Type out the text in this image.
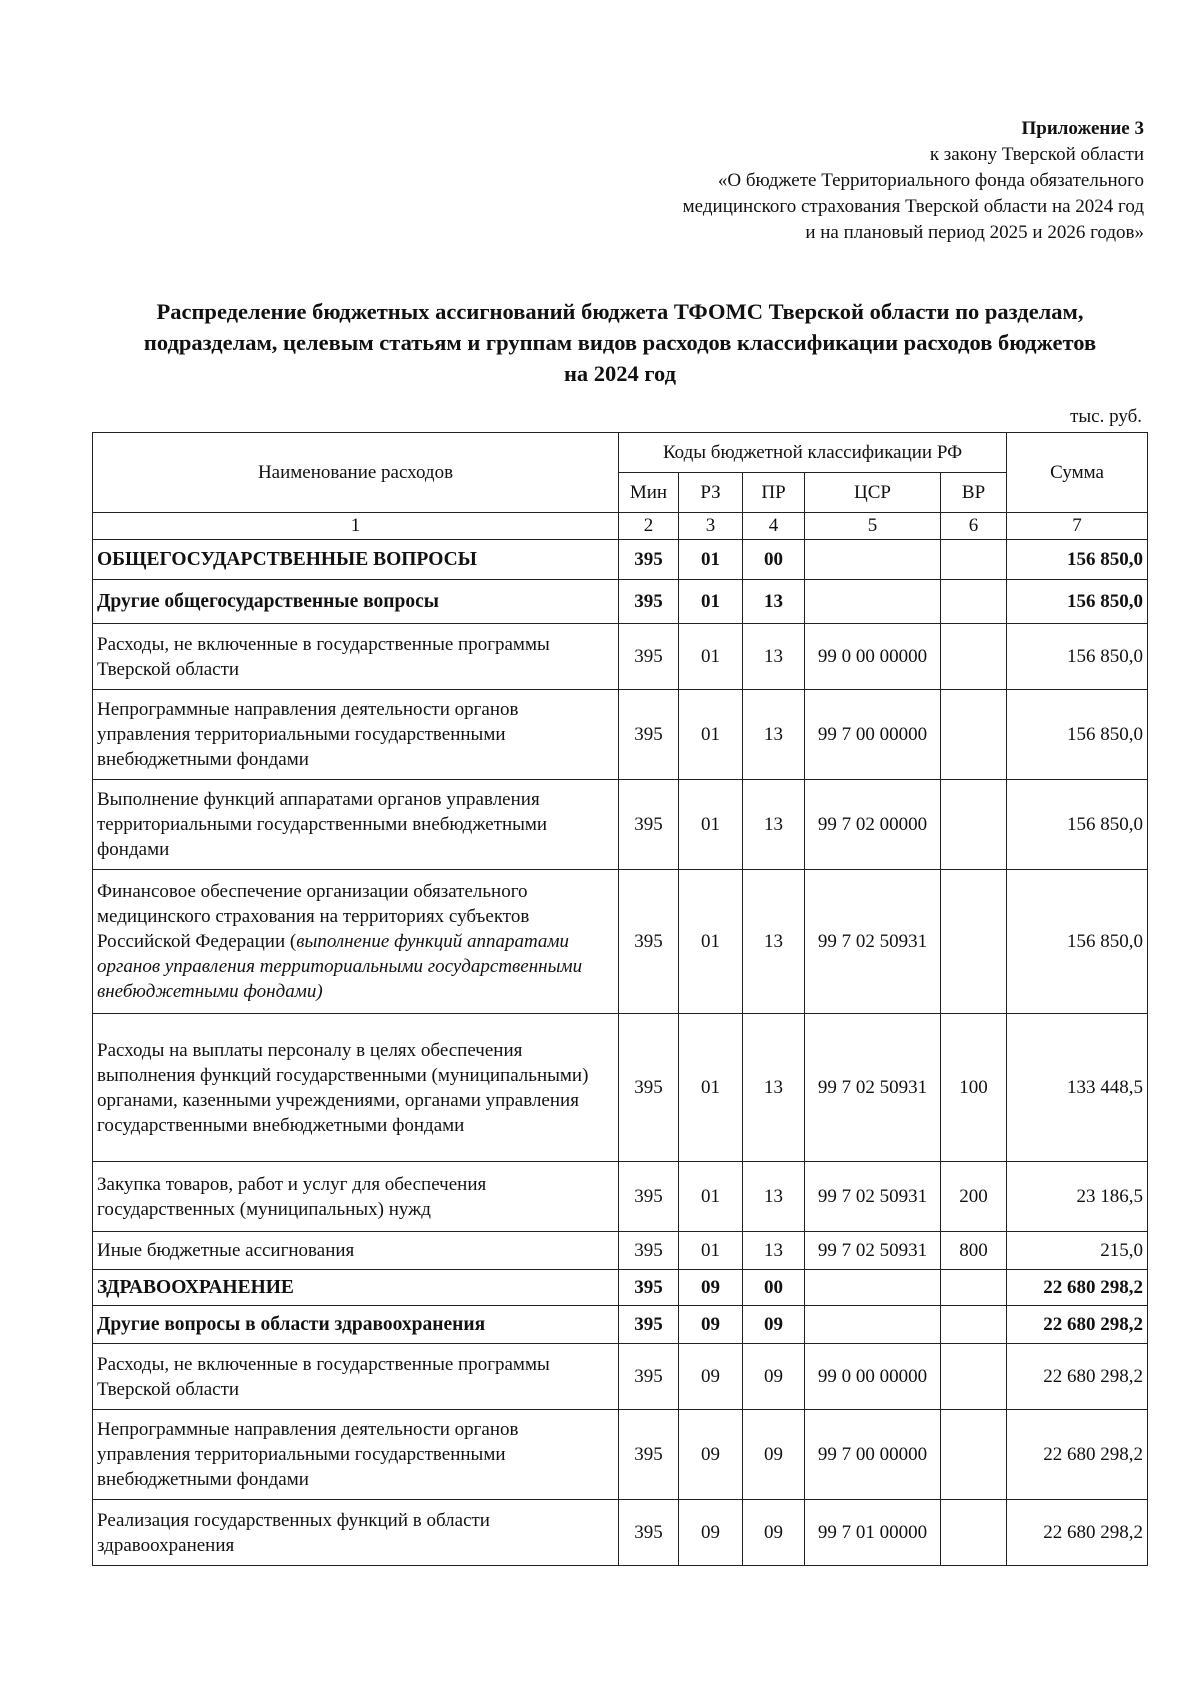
Приложение 3
к закону Тверской области
«О бюджете Территориального фонда обязательного
медицинского страхования Тверской области на 2024 год
и на плановый период 2025 и 2026 годов»
Распределение бюджетных ассигнований бюджета ТФОМС Тверской области по разделам,
подразделам, целевым статьям и группам видов расходов классификации расходов бюджетов
на 2024 год
тыс. руб.
Наименование расходов	Коды бюджетной классификации РФ					Сумма
	Мин	РЗ	ПР	ЦСР	ВР	
1	2	3	4	5	6	7
ОБЩЕГОСУДАРСТВЕННЫЕ ВОПРОСЫ	395	01	00			156 850,0
Другие общегосударственные вопросы	395	01	13			156 850,0
Расходы, не включенные в государственные программы Тверской области	395	01	13	99 0 00 00000		156 850,0
Непрограммные направления деятельности органов управления территориальными государственными внебюджетными фондами	395	01	13	99 7 00 00000		156 850,0
Выполнение функций аппаратами органов управления территориальными государственными внебюджетными фондами	395	01	13	99 7 02 00000		156 850,0
Финансовое обеспечение организации обязательного медицинского страхования на территориях субъектов Российской Федерации (выполнение функций аппаратами органов управления территориальными государственными внебюджетными фондами)	395	01	13	99 7 02 50931		156 850,0
Расходы на выплаты персоналу в целях обеспечения выполнения функций государственными (муниципальными) органами, казенными учреждениями, органами управления государственными внебюджетными фондами	395	01	13	99 7 02 50931	100	133 448,5
Закупка товаров, работ и услуг для обеспечения государственных (муниципальных) нужд	395	01	13	99 7 02 50931	200	23 186,5
Иные бюджетные ассигнования	395	01	13	99 7 02 50931	800	215,0
ЗДРАВООХРАНЕНИЕ	395	09	00			22 680 298,2
Другие вопросы в области здравоохранения	395	09	09			22 680 298,2
Расходы, не включенные в государственные программы Тверской области	395	09	09	99 0 00 00000		22 680 298,2
Непрограммные направления деятельности органов управления территориальными государственными внебюджетными фондами	395	09	09	99 7 00 00000		22 680 298,2
Реализация государственных функций в области здравоохранения	395	09	09	99 7 01 00000		22 680 298,2
